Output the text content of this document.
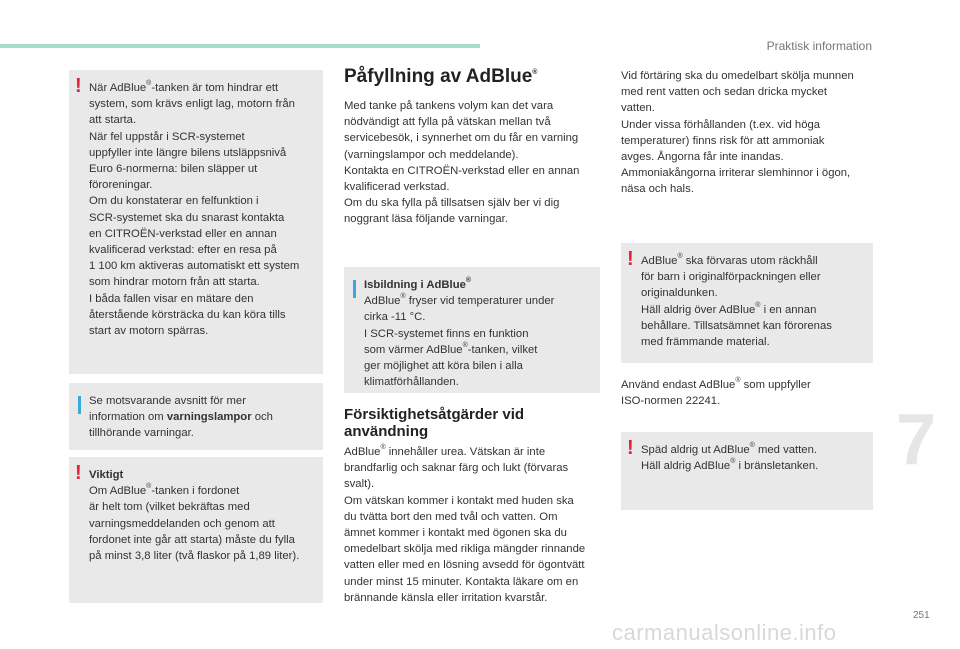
Praktisk information
! När AdBlue®-tanken är tom hindrar ett
system, som krävs enligt lag, motorn från
att starta.
När fel uppstår i SCR-systemet
uppfyller inte längre bilens utsläppsnivå
Euro 6-normerna: bilen släpper ut
föroreningar.
Om du konstaterar en felfunktion i
SCR-systemet ska du snarast kontakta
en CITROËN-verkstad eller en annan
kvalificerad verkstad: efter en resa på
1 100 km aktiveras automatiskt ett system
som hindrar motorn från att starta.
I båda fallen visar en mätare den
återstående körsträcka du kan köra tills
start av motorn spärras.

Se motsvarande avsnitt för mer
information om varningslampor och
tillhörande varningar.

! Viktigt

Om AdBlue®-tanken i fordonet
är helt tom (vilket bekräftas med
varningsmeddelanden och genom att
fordonet inte går att starta) måste du fylla
på minst 3,8 liter (två flaskor på 1,89 liter).

Påfyllning av AdBlue®

Med tanke på tankens volym kan det vara
nödvändigt att fylla på vätskan mellan två
servicebesök, i synnerhet om du får en varning
(varningslampor och meddelande).
Kontakta en CITROËN-verkstad eller en annan
kvalificerad verkstad.
Om du ska fylla på tillsatsen själv ber vi dig
noggrant läsa följande varningar.

Isbildning i AdBlue®

AdBlue® fryser vid temperaturer under
cirka -11 °C.
I SCR-systemet finns en funktion
som värmer AdBlue®-tanken, vilket
ger möjlighet att köra bilen i alla
klimatförhållanden.

Försiktighetsåtgärder vid
användning

AdBlue® innehåller urea. Vätskan är inte
brandfarlig och saknar färg och lukt (förvaras
svalt).
Om vätskan kommer i kontakt med huden ska
du tvätta bort den med tvål och vatten. Om
ämnet kommer i kontakt med ögonen ska du
omedelbart skölja med rikliga mängder rinnande
vatten eller med en lösning avsedd för ögontvätt
under minst 15 minuter. Kontakta läkare om en
brännande känsla eller irritation kvarstår.

Vid förtäring ska du omedelbart skölja munnen
med rent vatten och sedan dricka mycket
vatten.
Under vissa förhållanden (t.ex. vid höga
temperaturer) finns risk för att ammoniak
avges. Ångorna får inte inandas.
Ammoniakångorna irriterar slemhinnor i ögon,
näsa och hals.

! AdBlue® ska förvaras utom räckhåll
för barn i originalförpackningen eller
originaldunken.
Häll aldrig över AdBlue® i en annan
behållare. Tillsatsämnet kan förorenas
med främmande material.

Använd endast AdBlue® som uppfyller
ISO-normen 22241.

! Späd aldrig ut AdBlue® med vatten.
Häll aldrig AdBlue® i bränsletanken.	7
251
carmanualsonline.info
